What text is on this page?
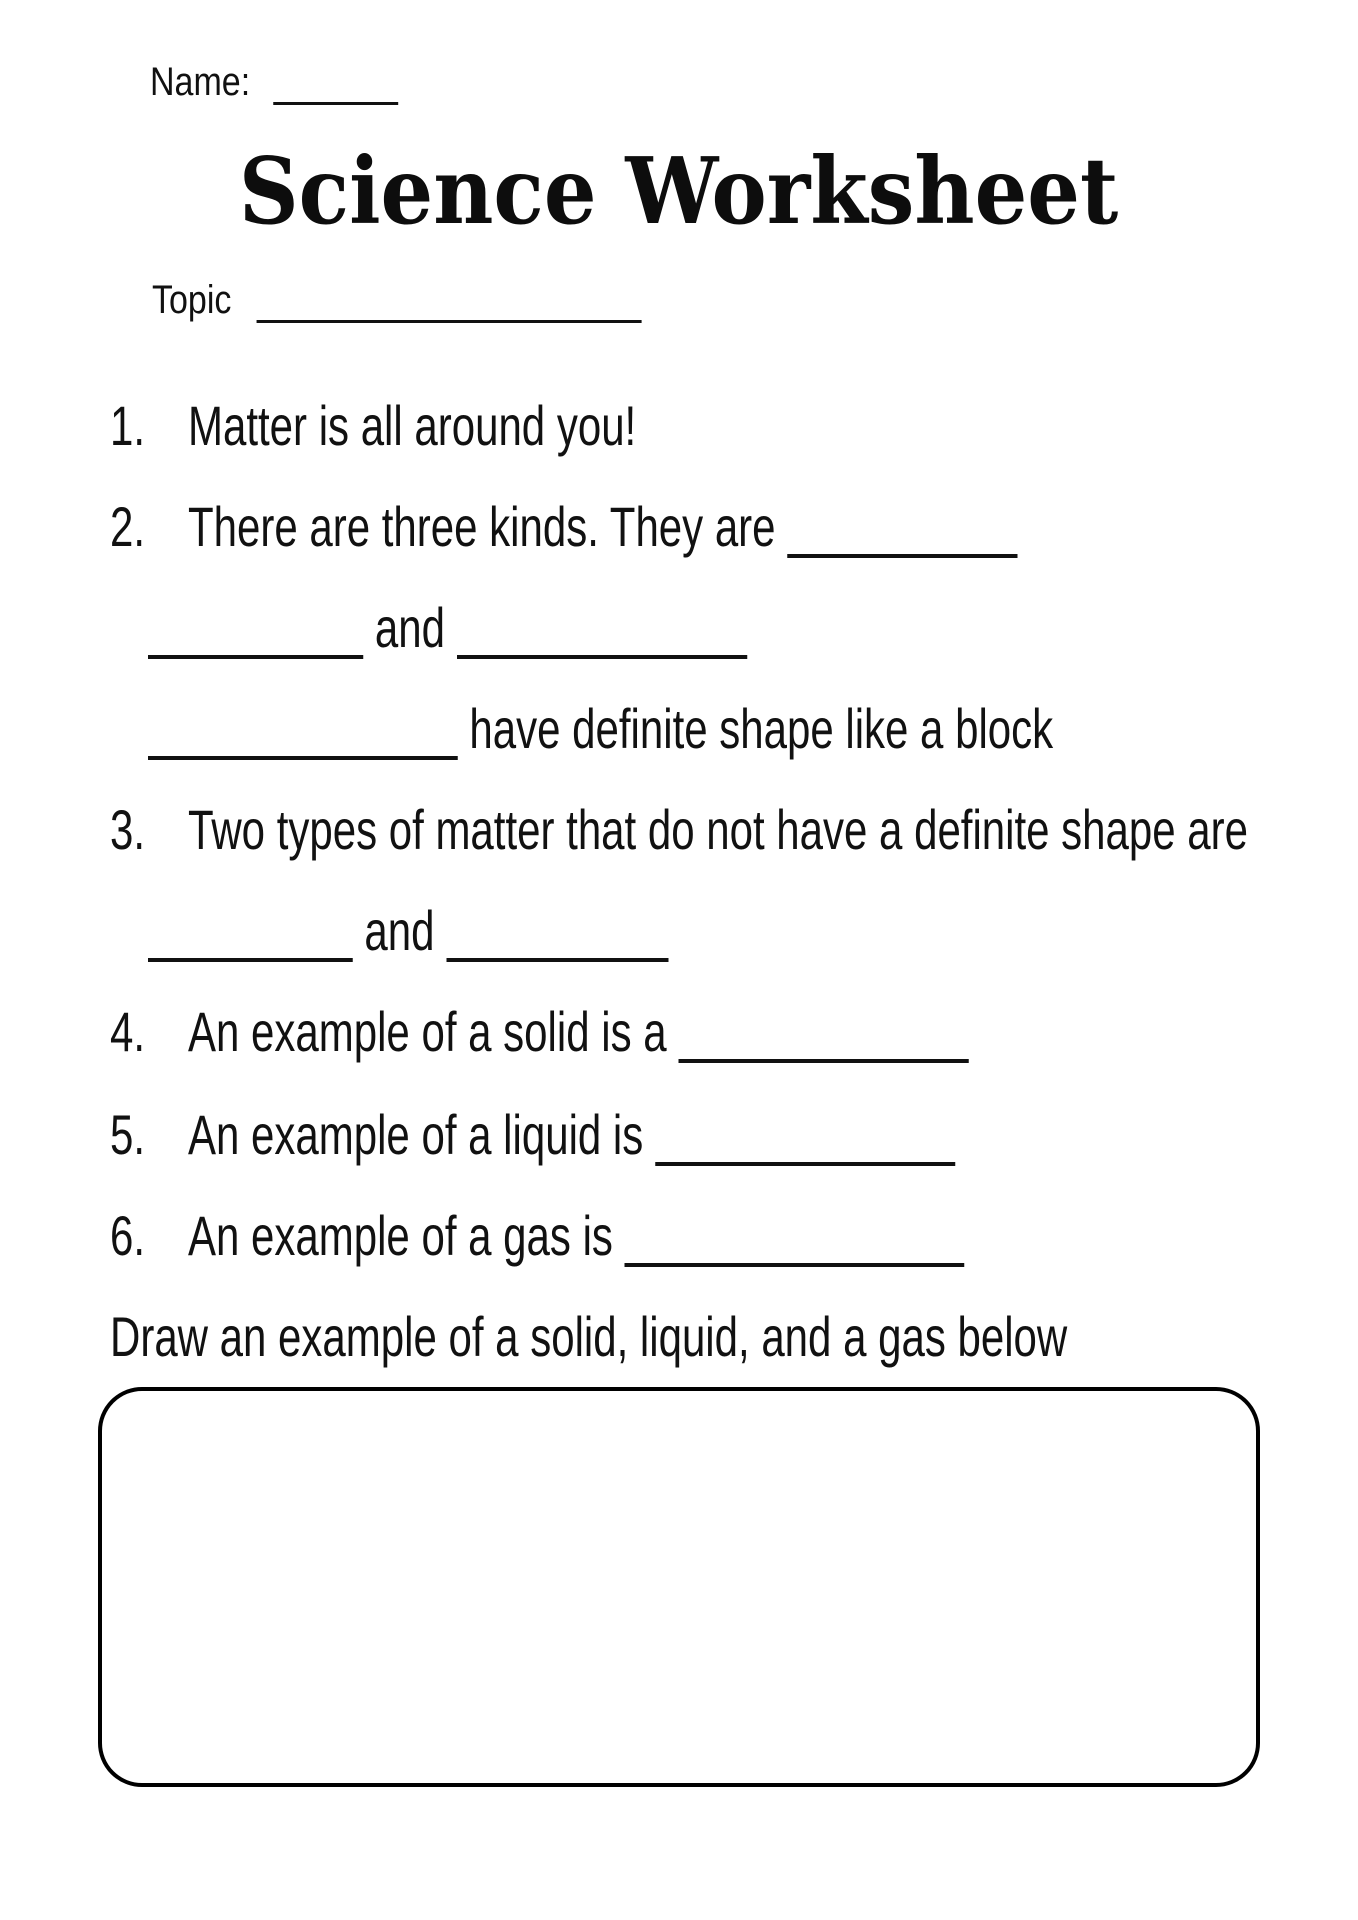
Name:
Science Worksheet
Topic
1. Matter is all around you!
2. There are three kinds. They are
and
have definite shape like a block
3. Two types of matter that do not have a definite shape are
and
4. An example of a solid is a
5. An example of a liquid is
6. An example of a gas is
Draw an example of a solid, liquid, and a gas below
